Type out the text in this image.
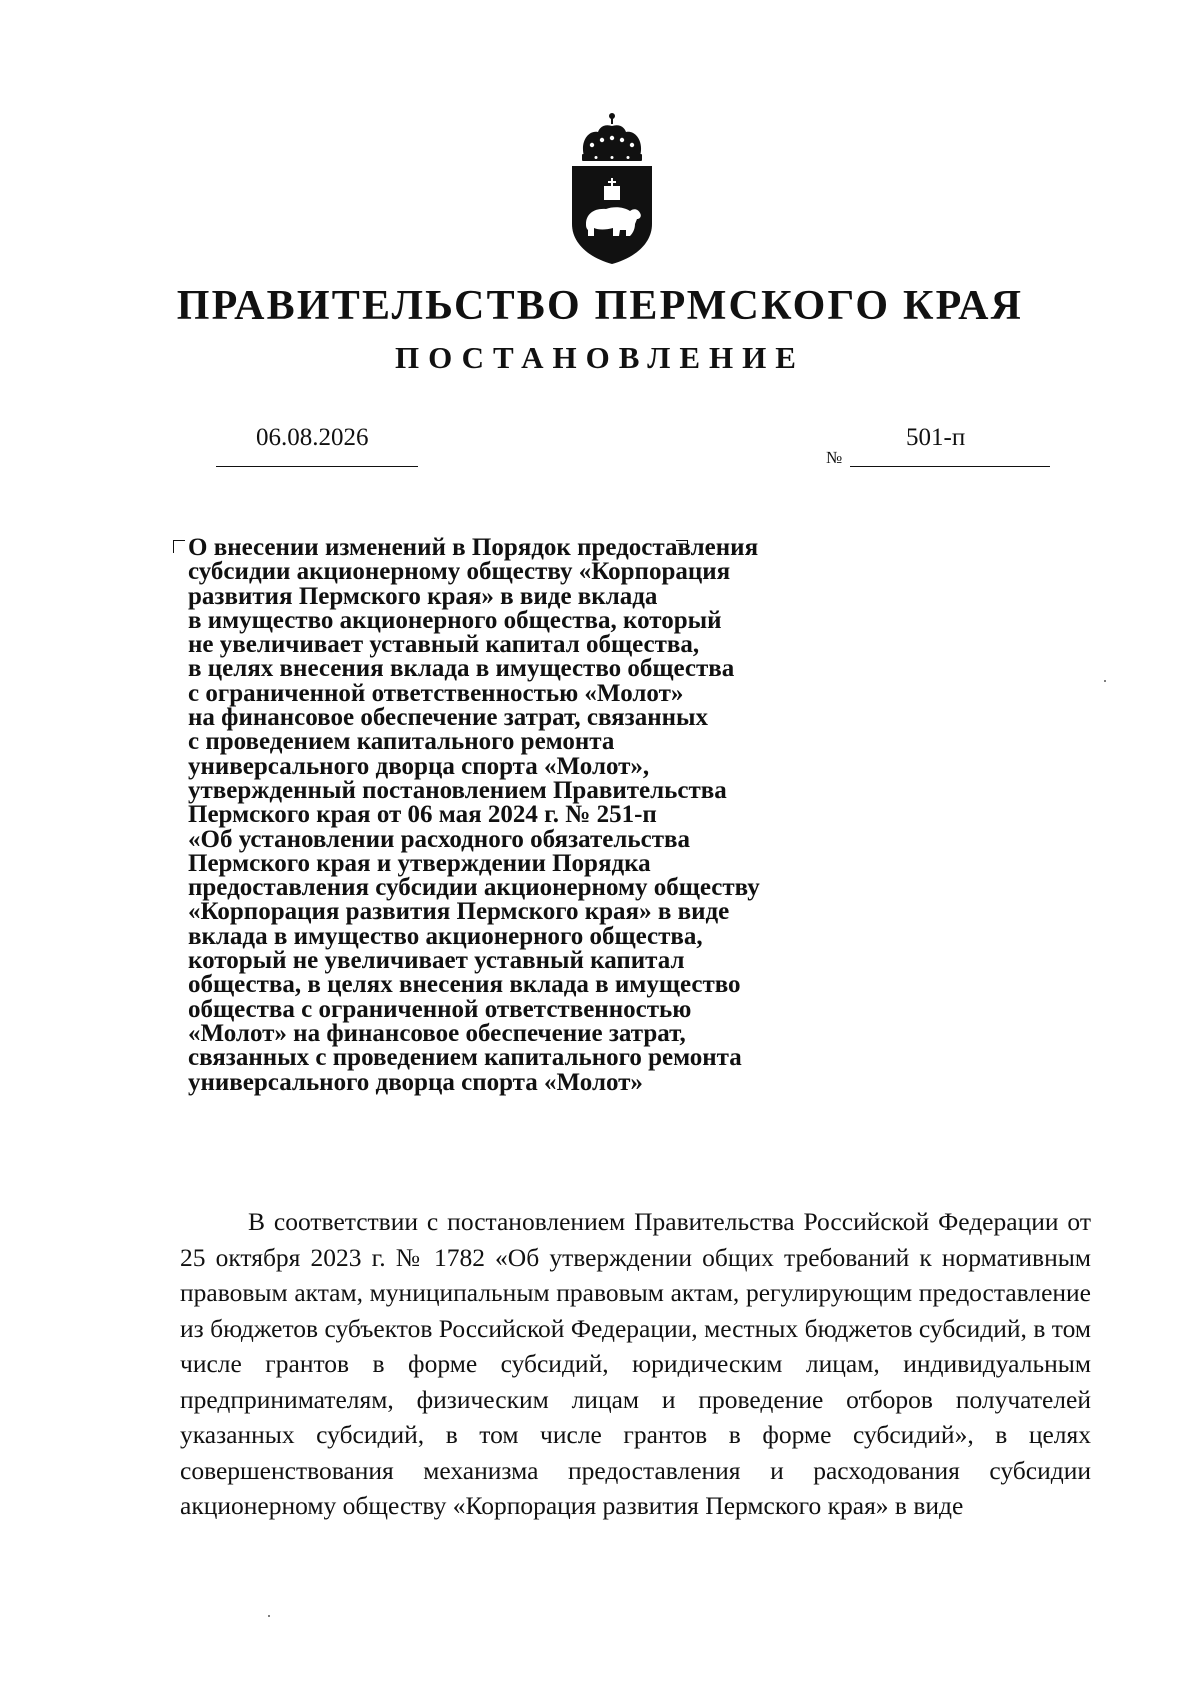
ПРАВИТЕЛЬСТВО ПЕРМСКОГО КРАЯ
ПОСТАНОВЛЕНИЕ
06.08.2026
№
501-п
О внесении изменений в Порядок предоставления
субсидии акционерному обществу «Корпорация
развития Пермского края» в виде вклада
в имущество акционерного общества, который
не увеличивает уставный капитал общества,
в целях внесения вклада в имущество общества
с ограниченной ответственностью «Молот»
на финансовое обеспечение затрат, связанных
с проведением капитального ремонта
универсального дворца спорта «Молот»,
утвержденный постановлением Правительства
Пермского края от 06 мая 2024 г. № 251-п
«Об установлении расходного обязательства
Пермского края и утверждении Порядка
предоставления субсидии акционерному обществу
«Корпорация развития Пермского края» в виде
вклада в имущество акционерного общества,
который не увеличивает уставный капитал
общества, в целях внесения вклада в имущество
общества с ограниченной ответственностью
«Молот» на финансовое обеспечение затрат,
связанных с проведением капитального ремонта
универсального дворца спорта «Молот»

В соответствии с постановлением Правительства Российской Федерации от 25 октября 2023 г. № 1782 «Об утверждении общих требований к нормативным правовым актам, муниципальным правовым актам, регулирующим предоставление из бюджетов субъектов Российской Федерации, местных бюджетов субсидий, в том числе грантов в форме субсидий, юридическим лицам, индивидуальным предпринимателям, физическим лицам и проведение отборов получателей указанных субсидий, в том числе грантов в форме субсидий», в целях совершенствования механизма предоставления и расходования субсидии акционерному обществу «Корпорация развития Пермского края» в виде
